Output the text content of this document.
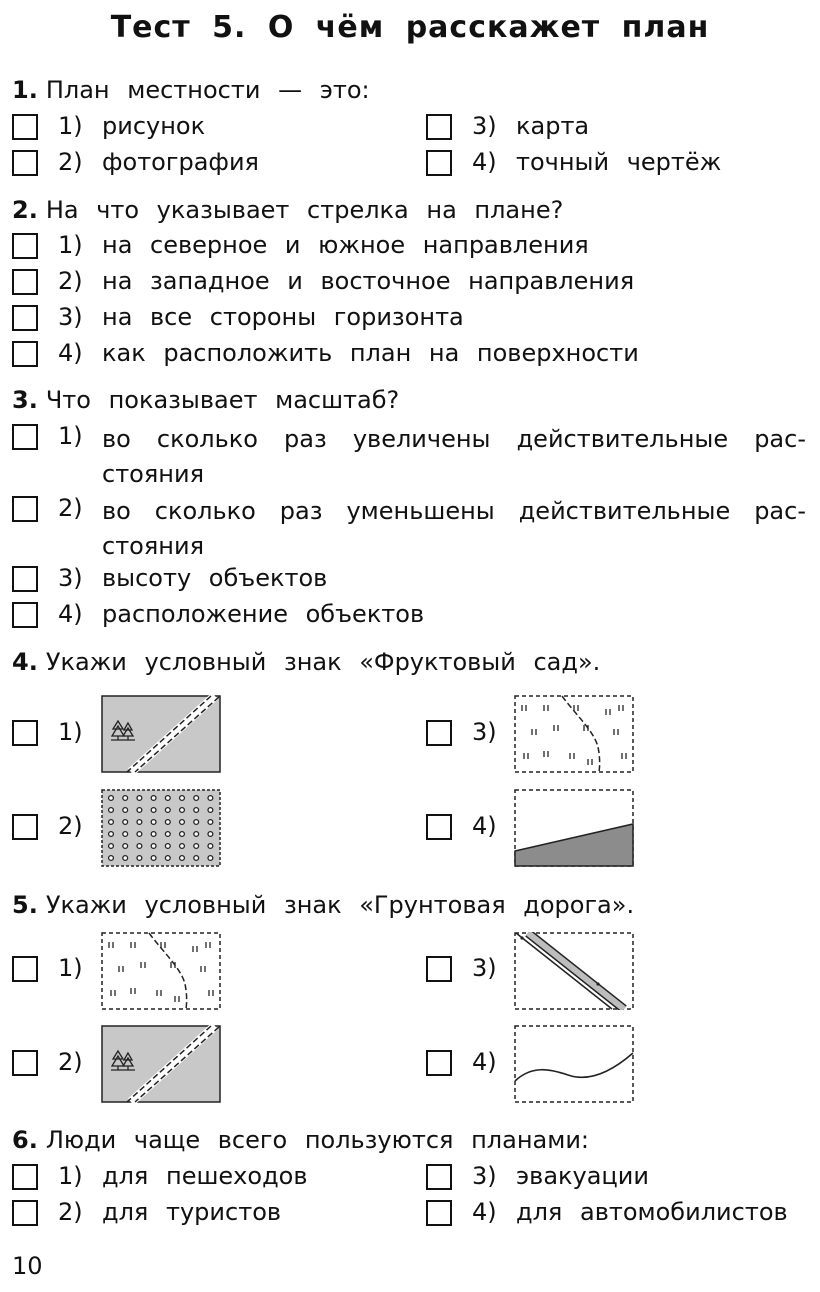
Тест 5. О чём расскажет план
1. План местности — это:
1) рисунок
2) фотография
3) карта
4) точный чертёж
2. На что указывает стрелка на плане?
1) на северное и южное направления
2) на западное и восточное направления
3) на все стороны горизонта
4) как расположить план на поверхности
3. Что показывает масштаб?
1) во сколько раз увеличены действительные расстояния
2) во сколько раз уменьшены действительные расстояния
3) высоту объектов
4) расположение объектов
4. Укажи условный знак «Фруктовый сад».
1)
2)
3)
4)
5. Укажи условный знак «Грунтовая дорога».
1)
2)
3)
4)
6. Люди чаще всего пользуются планами:
1) для пешеходов
2) для туристов
3) эвакуации
4) для автомобилистов
10
